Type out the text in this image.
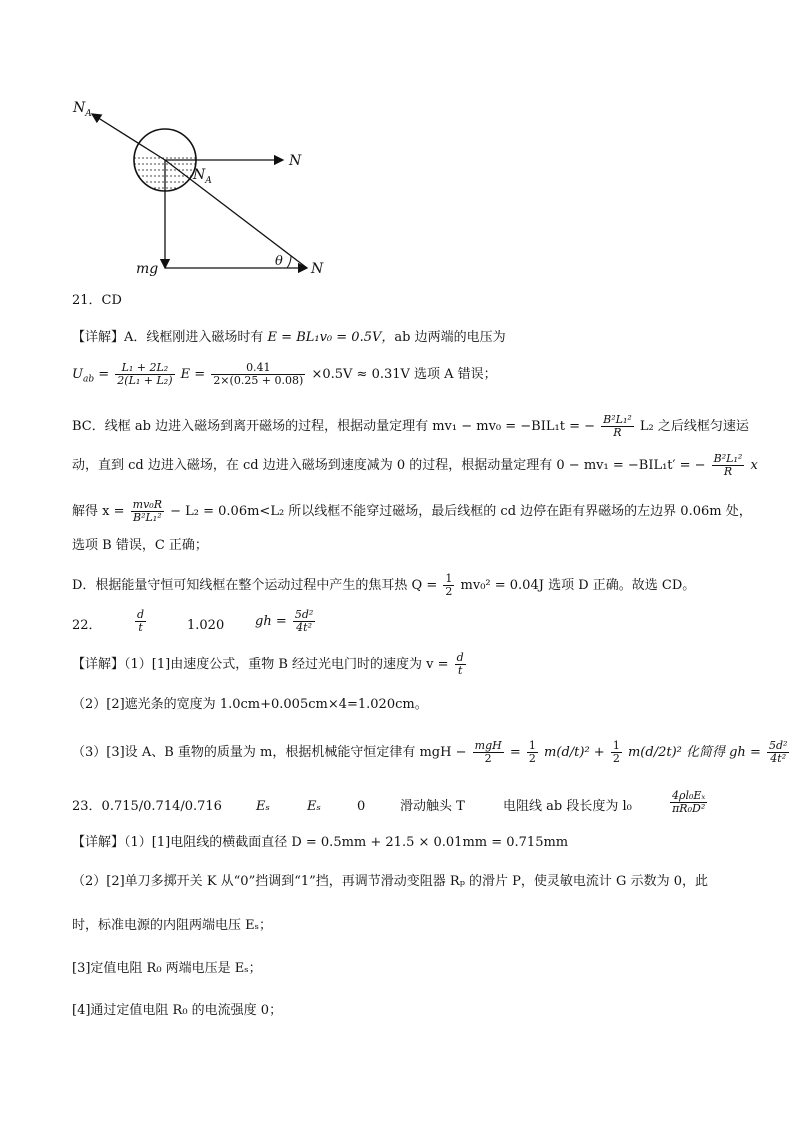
$N_A$
N
$N_A$
mg	θ N
21．CD
【详解】A．线框刚进入磁场时有 E = BL₁v₀ = 0.5V，ab 边两端的电压为
$U_{ab} = \frac{\text{L₁ + 2L₂}}{\text{2(L₁ + L₂)}}$ $E = \frac{0.41}{2\times(0.25 + 0.08)} \times 0.5V \approx 0.31V$ 选项 A 错误；
BC．线框 ab 边进入磁场到离开磁场的过程，根据动量定理有 mv₁ − mv₀ = −BIL₁t = − $\frac{\text{B²L₁²}}{R} L_2$ 之后线框匀速运
动，直到 cd 边进入磁场，在 cd 边进入磁场到速度减为 0 的过程，根据动量定理有 0 − mv₁ = −BIL₁t′ = − $\frac{\text{B²L₁²}}{R}$ x
解得 $x = \frac{\text{mv₀R}}{\text{B²L₁²}} - L_2 = 0.06m<L_2$ 所以线框不能穿过磁场，最后线框的 cd 边停在距有界磁场的左边界 0.06m 处，
选项 B 错误，C 正确；
D．根据能量守恒可知线框在整个运动过程中产生的焦耳热 $Q = \frac{1}{2} mv_0^2 = 0.04J$ 选项 D 正确。故选 CD。
22．	$\frac{d}{t}$	1.020 gh = $\frac{\text{5d²}}{\text{4t²}}$
【详解】（1）[1]由速度公式，重物 B 经过光电门时的速度为 $v = \frac{d}{t}$
（2）[2]遮光条的宽度为 1.0cm+0.005cm×4=1.020cm。
（3）[3]设 A、B 重物的质量为 m，根据机械能守恒定律有 mgH − $\frac{\text{mgH}}{2} = \frac{1}{2} m(d/t)^2 + \frac{1}{2} m(d/2t)^2$ 化简得 gh = $\frac{\text{5d²}}{\text{4t²}}$
23．0.715/0.714/0.716	Eₛ	Eₛ	0	滑动触头 T	电阻线 ab 段长度为 l₀	$\frac{\text{4ρl₀Eₓ}}{\text{πR₀D²}}$
【详解】（1）[1]电阻线的横截面直径 D = 0.5mm + 21.5 × 0.01mm = 0.715mm
（2）[2]单刀多掷开关 K 从“0”挡调到“1”挡，再调节滑动变阻器 Rₚ 的滑片 P，使灵敏电流计 G 示数为 0，此
时，标准电源的内阻两端电压 Eₛ；
[3]定值电阻 R₀ 两端电压是 Eₛ；
[4]通过定值电阻 R₀ 的电流强度 0；
